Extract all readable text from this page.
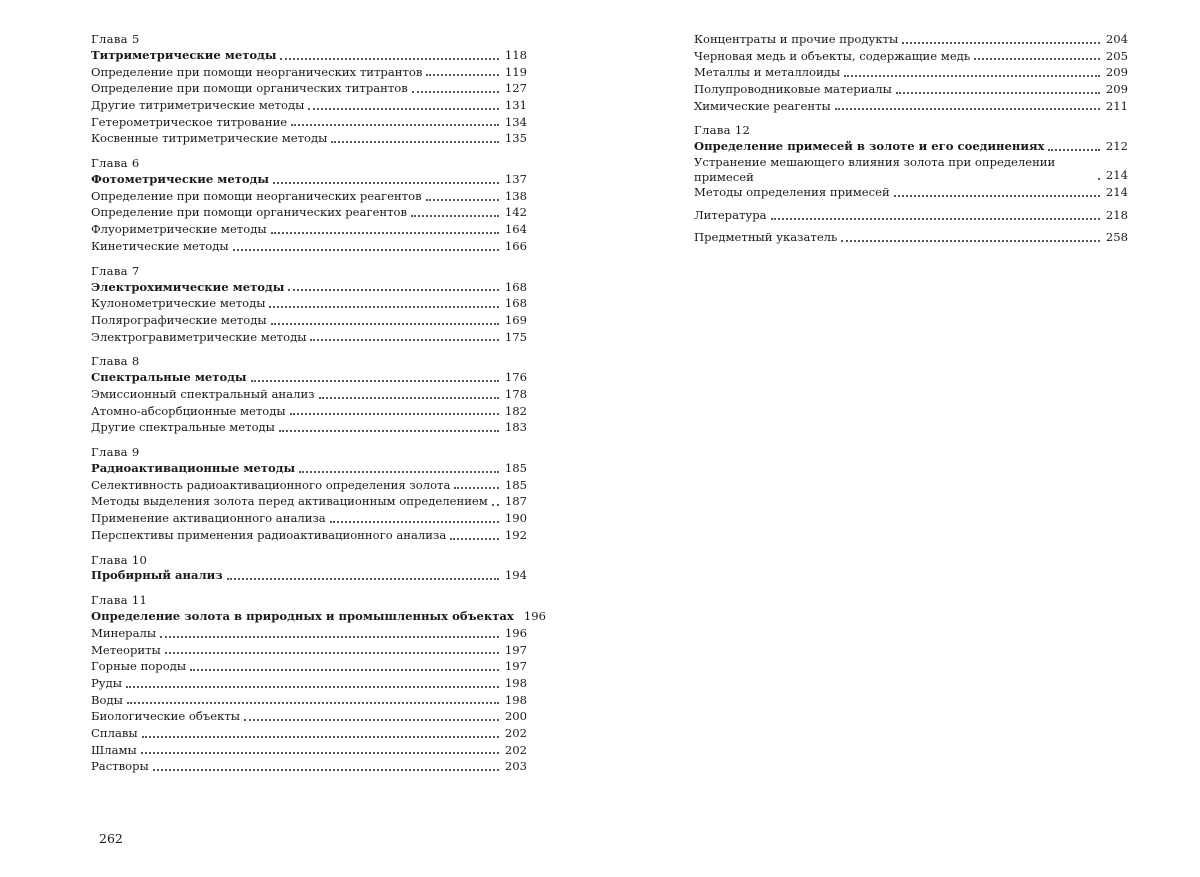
Глава 5
Титриметрические методы	118
Определение при помощи неорганических титрантов	119
Определение при помощи органических титрантов	127
Другие титриметрические методы	131
Гетерометрическое титрование	134
Косвенные титриметрические методы	135
Глава 6
Фотометрические методы	137
Определение при помощи неорганических реагентов	138
Определение при помощи органических реагентов	142
Флуориметрические методы	164
Кинетические методы	166
Глава 7
Электрохимические методы	168
Кулонометрические методы	168
Полярографические методы	169
Электрогравиметрические методы	175
Глава 8
Спектральные методы	176
Эмиссионный спектральный анализ	178
Атомно-абсорбционные методы	182
Другие спектральные методы	183
Глава 9
Радиоактивационные методы	185
Селективность радиоактивационного определения золота	185
Методы выделения золота перед активационным определением 187
Применение активационного анализа	190
Перспективы применения радиоактивационного анализа	192
Глава 10
Пробирный анализ	194
Глава 11
Определение золота в природных и промышленных объектах 196
Минералы	196
Метеориты	197
Горные породы	197
Руды	198
Воды	198
Биологические объекты	200
Сплавы	202
Шламы	202
Растворы	203
Концентраты и прочие продукты	204
Черновая медь и объекты, содержащие медь	205
Металлы и металлоиды	209
Полупроводниковые материалы	209
Химические реагенты	211
Глава 12
Определение примесей в золоте и его соединениях	212
Устранение мешающего влияния золота при определении примесей	214
Методы определения примесей	214
Литература	218
Предметный указатель	258
262
